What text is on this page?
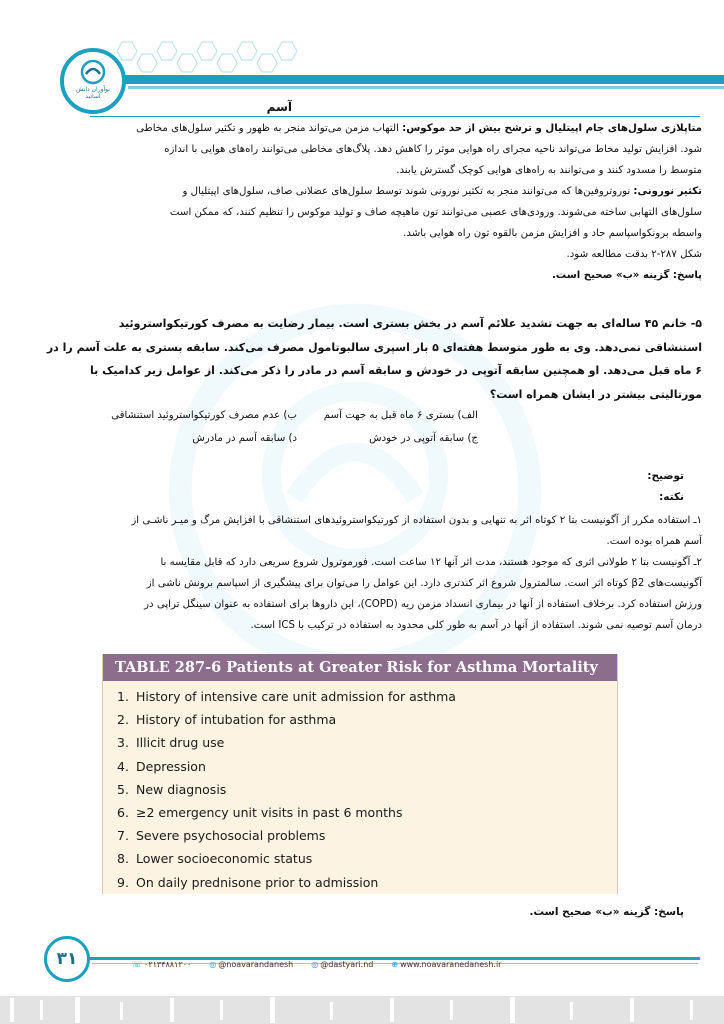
نوآوران دانش
اساتید
آسم
متاپلازی سلول‌های جام اپیتلیال و ترشح بیش از حد موکوس: التهاب مزمن می‌تواند منجر به ظهور و تکثیر سلول‌های مخاطی
شود. افزایش تولید مخاط می‌تواند ناحیه مجرای راه هوایی موثر را کاهش دهد. پلاگ‌های مخاطی می‌توانند راه‌های هوایی با اندازه
متوسط را مسدود کنند و می‌توانند به راه‌های هوایی کوچک گسترش یابند.
تکثیر نورونی: نوروتروفین‌ها که می‌توانند منجر به تکثیر نورونی شوند توسط سلول‌های عضلانی صاف، سلول‌های اپیتلیال و
سلول‌های التهابی ساخته می‌شوند. ورودی‌های عصبی می‌توانند تون ماهیچه صاف و تولید موکوس را تنظیم کنند، که ممکن است
واسطه برونکواسپاسم حاد و افزایش مزمن بالقوه تون راه هوایی باشد.
شکل ۲۸۷-۲ بدقت مطالعه شود.
پاسخ: گزینه «ب» صحیح است.
۵- خانم ۴۵ ساله‌ای به جهت تشدید علائم آسم در بخش بستری است. بیمار رضایت به مصرف کورتیکواستروئید
استنشاقی نمی‌دهد. وی به طور متوسط هفته‌ای ۵ بار اسپری سالبوتامول مصرف می‌کند. سابقه بستری به علت آسم را در
۶ ماه قبل می‌دهد. او همچنین سابقه آتوپی در خودش و سابقه آسم در مادر را ذکر می‌کند. از عوامل زیر کدامیک با
مورتالیتی بیشتر در ایشان همراه است؟
الف) بستری ۶ ماه قبل به جهت آسم
ب) عدم مصرف کورتیکواستروئید استنشاقی
ج) سابقه آتوپی در خودش
د) سابقه آسم در مادرش
توضیح:
نکته:
۱ـ استفاده مکرر از آگونیست بتا ۲ کوتاه اثر به تنهایی و بدون استفاده از کورتیکواستروئیدهای استنشاقی با افزایش مرگ و میـر ناشـی از
آسم همراه بوده است.
۲ـ آگونیست بتا ۲ طولانی اثری که موجود هستند، مدت اثر آنها ۱۲ ساعت است. فورموترول شروع سریعی دارد که قابل مقایسه با
آگونیست‌های β2 کوتاه اثر است. سالمترول شروع اثر کندتری دارد. این عوامل را می‌توان برای پیشگیری از اسپاسم برونش ناشی از
ورزش استفاده کرد. برخلاف استفاده از آنها در بیماری انسداد مزمن ریه (COPD)، این داروها برای استفاده به عنوان سینگل تراپی در
درمان آسم توصیه نمی شوند. استفاده از آنها در آسم به طور کلی محدود به استفاده در ترکیب با ICS است.
TABLE 287-6 Patients at Greater Risk for Asthma Mortality
1. History of intensive care unit admission for asthma
2. History of intubation for asthma
3. Illicit drug use
4. Depression
5. New diagnosis
6. ≥2 emergency unit visits in past 6 months
7. Severe psychosocial problems
8. Lower socioeconomic status
9. On daily prednisone prior to admission
پاسخ: گزینه «ب» صحیح است.
۳۱	☏ ۰۲۱۳۴۸۸۱۲۰۰ ◎ @noavarandanesh ◎ @dastyari.nd ⊕ www.noavaranedanesh.ir
